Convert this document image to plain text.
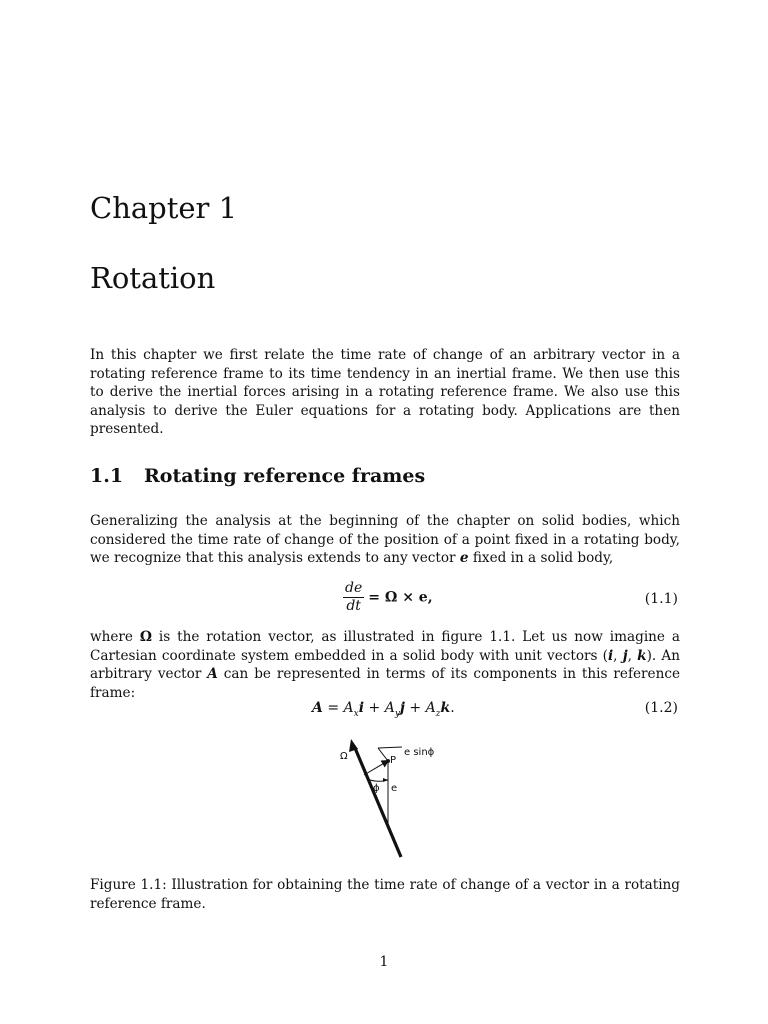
Chapter 1
Rotation

In this chapter we first relate the time rate of change of an arbitrary vector in a rotating reference frame to its time tendency in an inertial frame. We then use this to derive the inertial forces arising in a rotating reference frame. We also use this analysis to derive the Euler equations for a rotating body. Applications are then presented.

1.1 Rotating reference frames

Generalizing the analysis at the beginning of the chapter on solid bodies, which considered the time rate of change of the position of a point fixed in a rotating body, we recognize that this analysis extends to any vector e fixed in a solid body,

$\frac{de}{dt} = \Omega \times e$,	(1.1)

where Ω is the rotation vector, as illustrated in figure 1.1. Let us now imagine a Cartesian coordinate system embedded in a solid body with unit vectors (i, j, k). An arbitrary vector A can be represented in terms of its components in this reference frame:

$A = A_xi + A_yj + A_zk$.	(1.2)
Ω	P
e sinϕ
ϕ e

Figure 1.1: Illustration for obtaining the time rate of change of a vector in a rotating reference frame.

1
